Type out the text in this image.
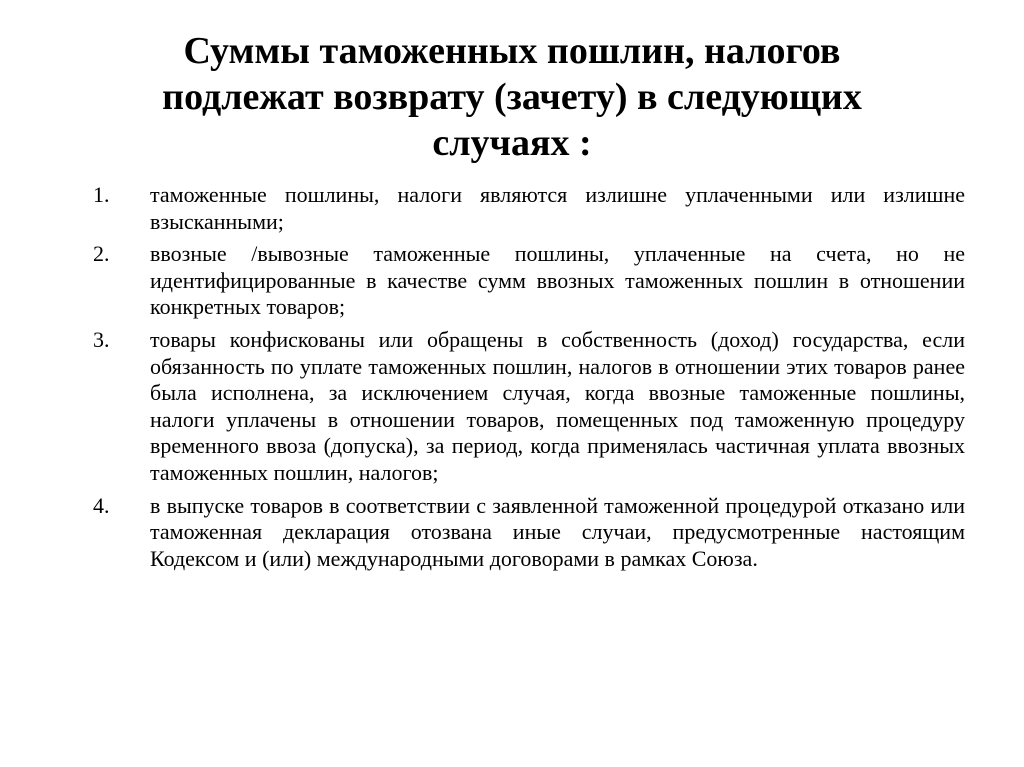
Суммы таможенных пошлин, налогов
подлежат возврату (зачету) в следующих
случаях :
1.	таможенные пошлины, налоги являются излишне уплаченными или излишне взысканными;
2.	ввозные /вывозные таможенные пошлины, уплаченные на счета, но не идентифицированные в качестве сумм ввозных таможенных пошлин в отношении конкретных товаров;
3.	товары конфискованы или обращены в собственность (доход) государства, если обязанность по уплате таможенных пошлин, налогов в отношении этих товаров ранее была исполнена, за исключением случая, когда ввозные таможенные пошлины, налоги уплачены в отношении товаров, помещенных под таможенную процедуру временного ввоза (допуска), за период, когда применялась частичная уплата ввозных таможенных пошлин, налогов;
4.	в выпуске товаров в соответствии с заявленной таможенной процедурой отказано или таможенная декларация отозвана иные случаи, предусмотренные настоящим Кодексом и (или) международными договорами в рамках Союза.
